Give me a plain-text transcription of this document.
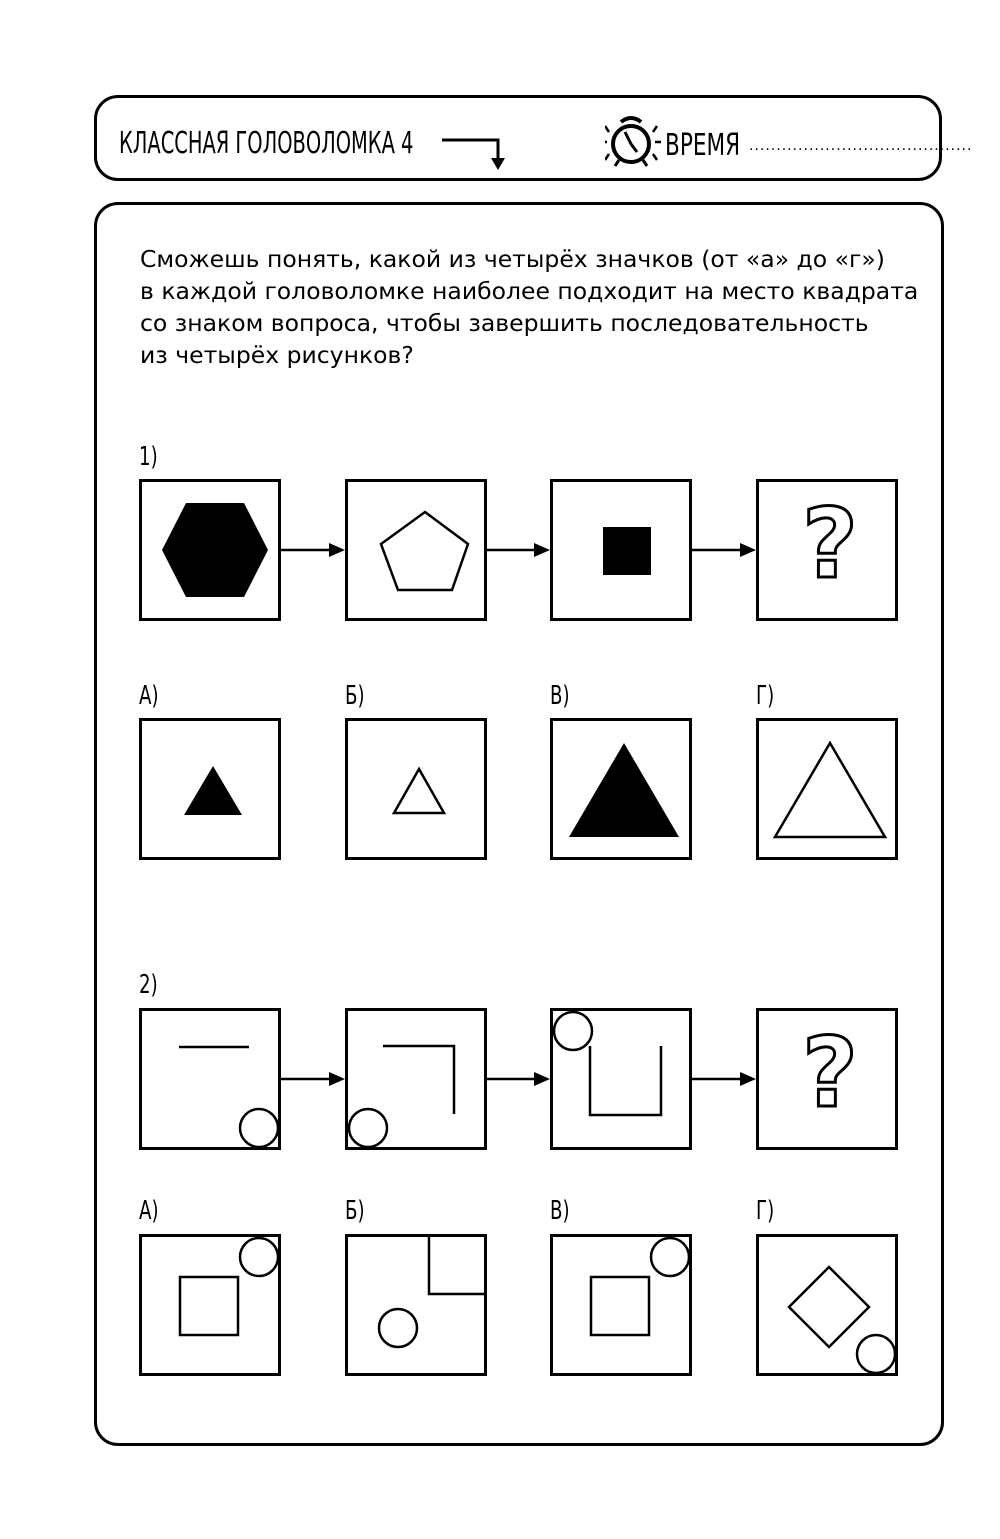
КЛАССНАЯ ГОЛОВОЛОМКА 4	ВРЕМЯ .........................................
Сможешь понять, какой из четырёх значков (от «а» до «г»)
в каждой головоломке наиболее подходит на место квадрата
со знаком вопроса, чтобы завершить последовательность
из четырёх рисунков?
1)
?
А)	Б)	В)	Г)
2)
?
А)	Б)	В)	Г)
